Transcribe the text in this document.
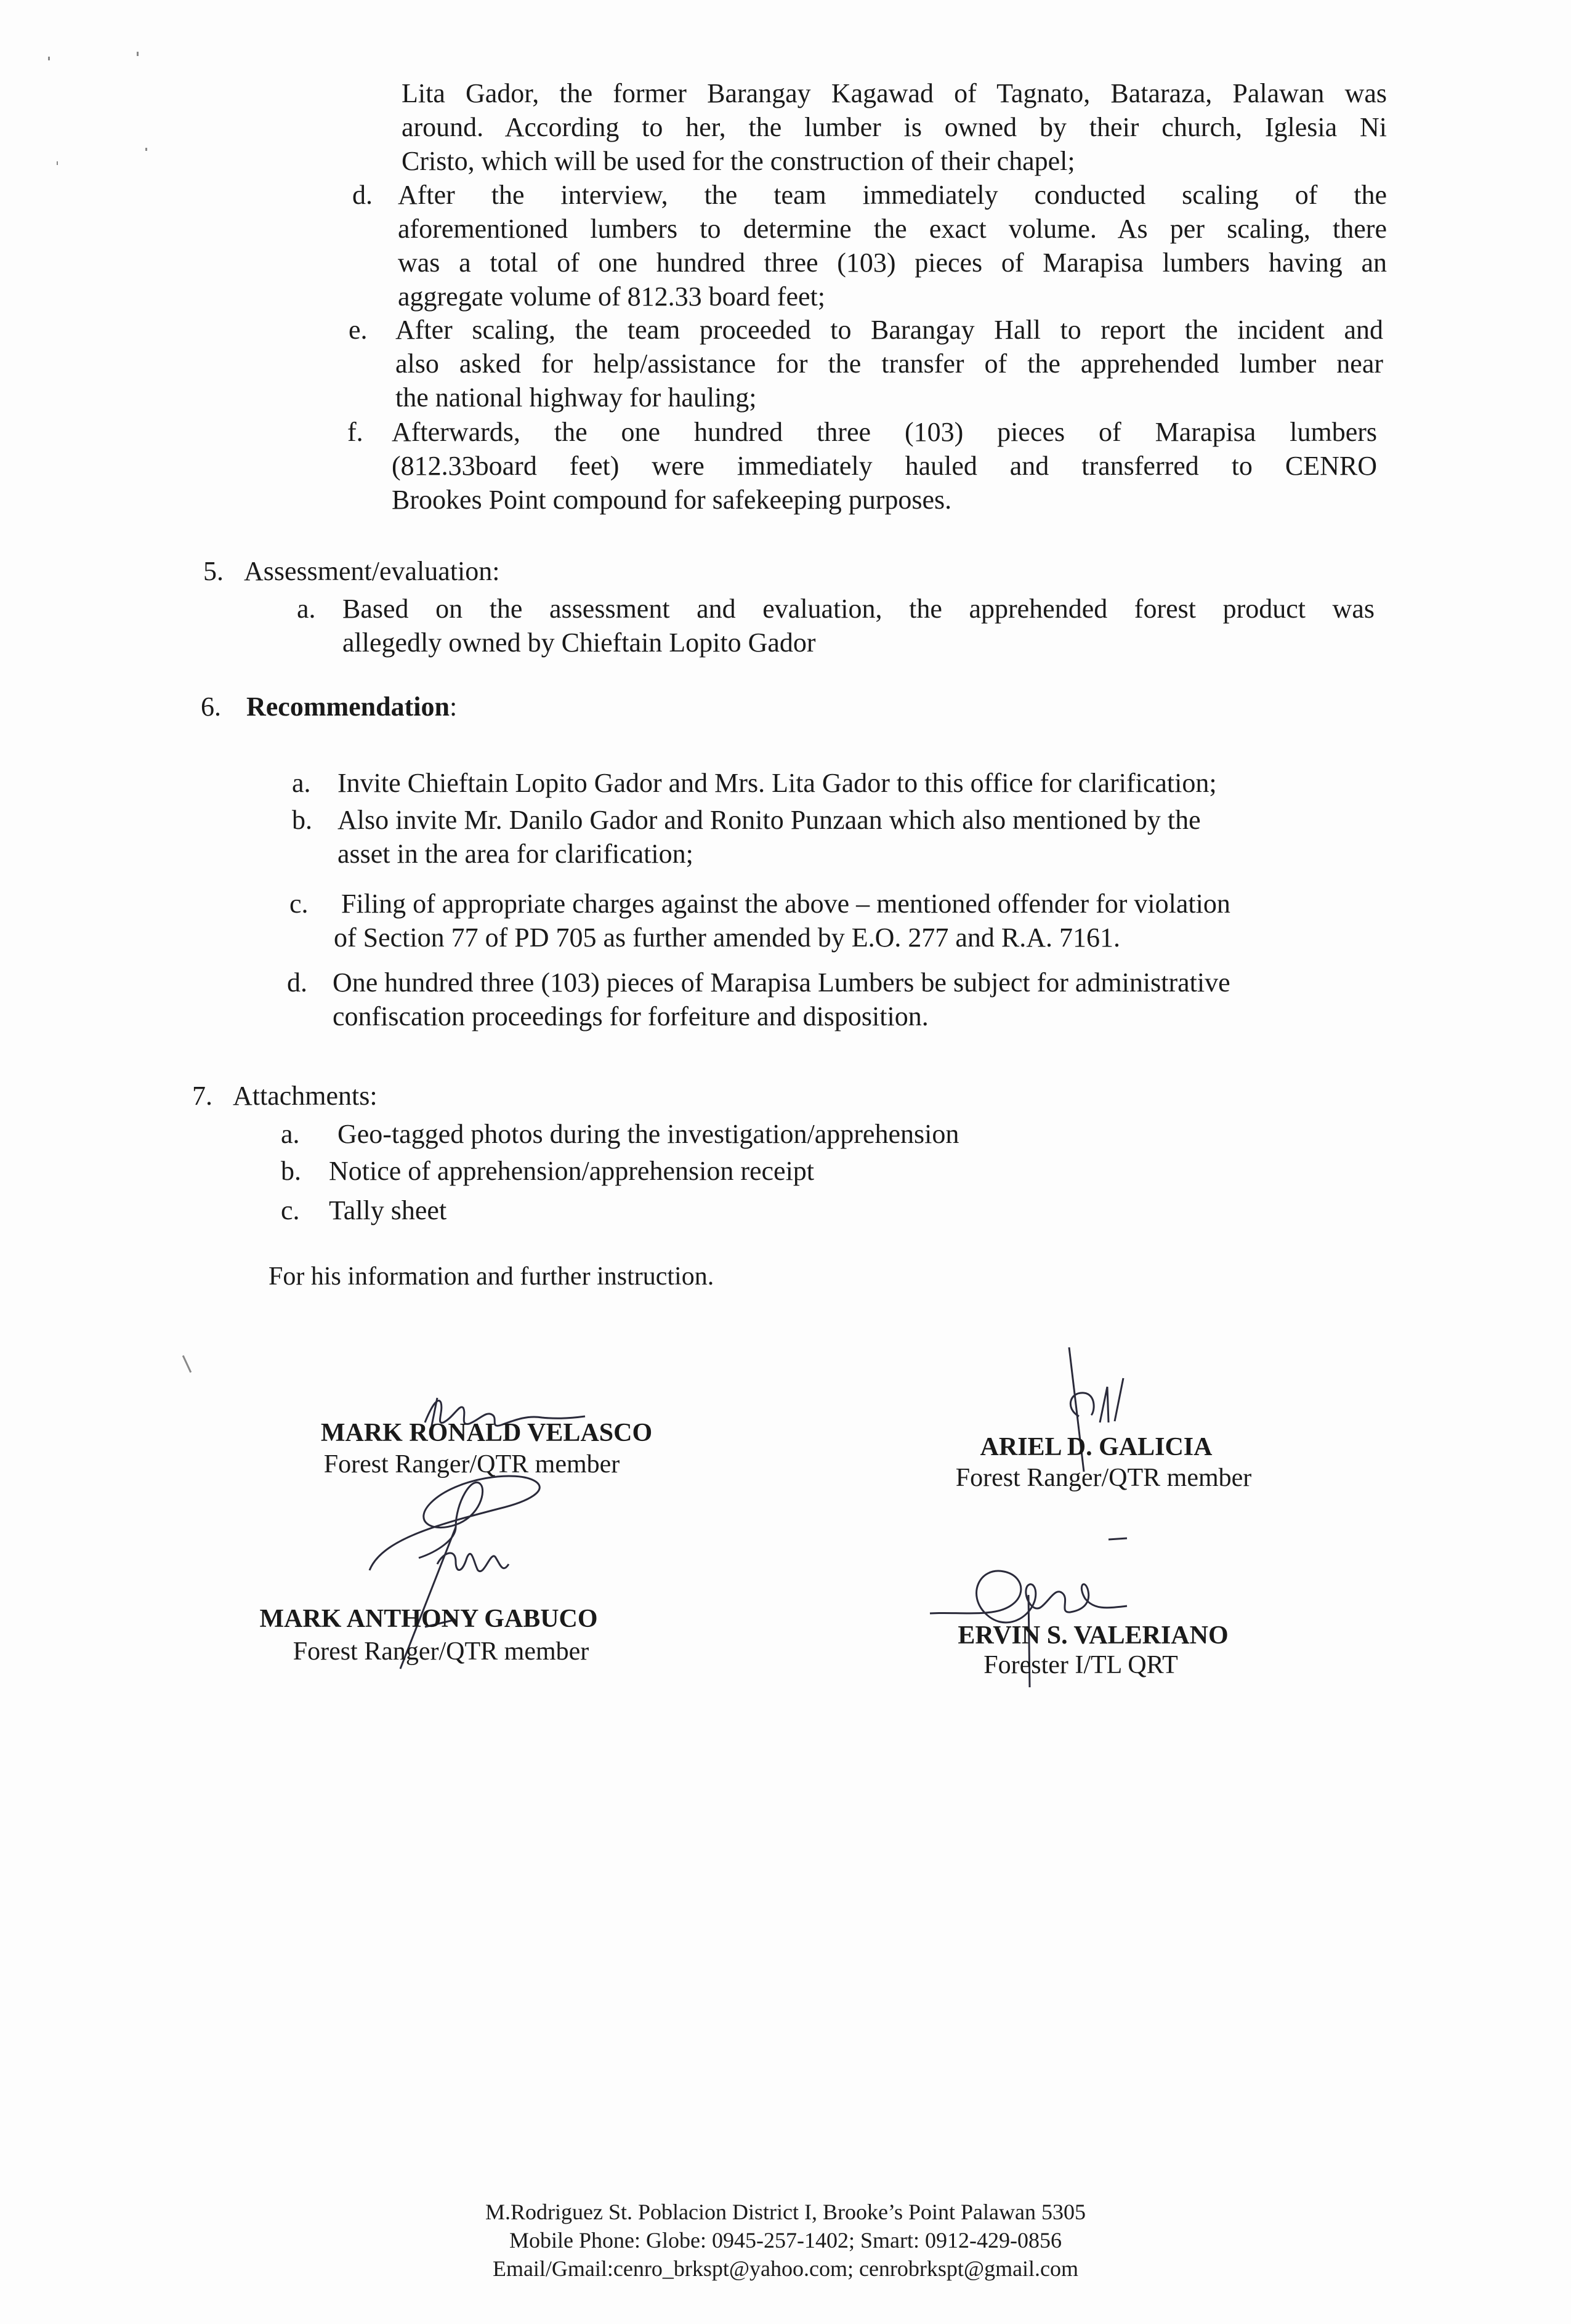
Lita Gador, the former Barangay Kagawad of Tagnato, Bataraza, Palawan was
around. According to her, the lumber is owned by their church, Iglesia Ni
Cristo, which will be used for the construction of their chapel;
d. After the interview, the team immediately conducted scaling of the
aforementioned lumbers to determine the exact volume. As per scaling, there
was a total of one hundred three (103) pieces of Marapisa lumbers having an
aggregate volume of 812.33 board feet;
e. After scaling, the team proceeded to Barangay Hall to report the incident and
also asked for help/assistance for the transfer of the apprehended lumber near
the national highway for hauling;
f. Afterwards, the one hundred three (103) pieces of Marapisa lumbers
(812.33board feet) were immediately hauled and transferred to CENRO
Brookes Point compound for safekeeping purposes.
5. Assessment/evaluation:
a. Based on the assessment and evaluation, the apprehended forest product was
allegedly owned by Chieftain Lopito Gador
6. Recommendation:
a. Invite Chieftain Lopito Gador and Mrs. Lita Gador to this office for clarification;
b. Also invite Mr. Danilo Gador and Ronito Punzaan which also mentioned by the
asset in the area for clarification;
c. Filing of appropriate charges against the above – mentioned offender for violation
of Section 77 of PD 705 as further amended by E.O. 277 and R.A. 7161.
d. One hundred three (103) pieces of Marapisa Lumbers be subject for administrative
confiscation proceedings for forfeiture and disposition.
7. Attachments:
a. Geo-tagged photos during the investigation/apprehension
b. Notice of apprehension/apprehension receipt
c. Tally sheet
For his information and further instruction.
MARK RONALD VELASCO
Forest Ranger/QTR member
ARIEL D. GALICIA
Forest Ranger/QTR member
MARK ANTHONY GABUCO
Forest Ranger/QTR member
ERVIN S. VALERIANO
Forester I/TL QRT
M.Rodriguez St. Poblacion District I, Brooke’s Point Palawan 5305
Mobile Phone: Globe: 0945-257-1402; Smart: 0912-429-0856
Email/Gmail:cenro_brkspt@yahoo.com; cenrobrkspt@gmail.com
